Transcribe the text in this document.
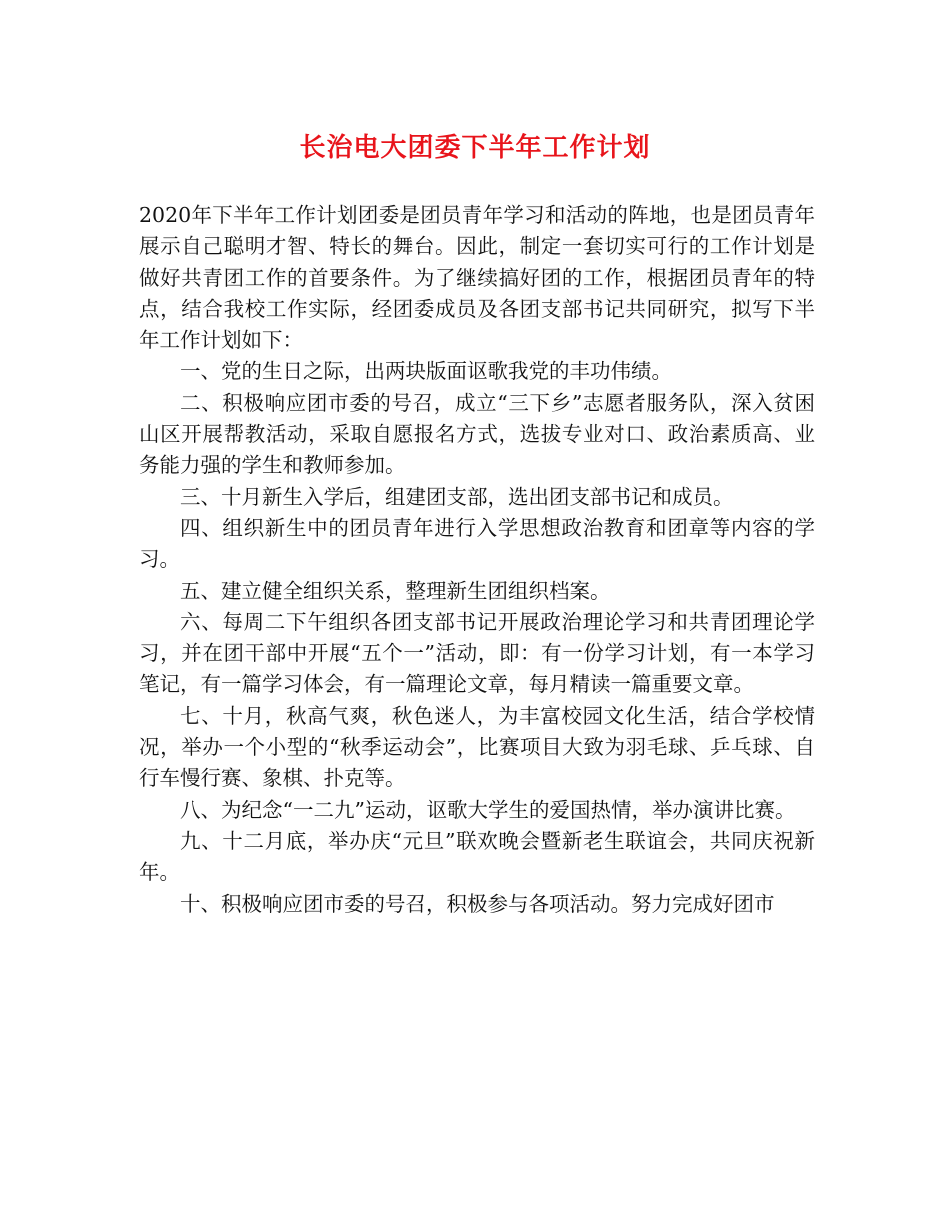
长治电大团委下半年工作计划

2020年下半年工作计划团委是团员青年学习和活动的阵地，也是团员青年展示自己聪明才智、特长的舞台。因此，制定一套切实可行的工作计划是做好共青团工作的首要条件。为了继续搞好团的工作，根据团员青年的特点，结合我校工作实际，经团委成员及各团支部书记共同研究，拟写下半年工作计划如下：

一、党的生日之际，出两块版面讴歌我党的丰功伟绩。

二、积极响应团市委的号召，成立“三下乡”志愿者服务队，深入贫困山区开展帮教活动，采取自愿报名方式，选拔专业对口、政治素质高、业务能力强的学生和教师参加。

三、十月新生入学后，组建团支部，选出团支部书记和成员。

四、组织新生中的团员青年进行入学思想政治教育和团章等内容的学习。

五、建立健全组织关系，整理新生团组织档案。

六、每周二下午组织各团支部书记开展政治理论学习和共青团理论学习，并在团干部中开展“五个一”活动，即：有一份学习计划，有一本学习笔记，有一篇学习体会，有一篇理论文章，每月精读一篇重要文章。

七、十月，秋高气爽，秋色迷人，为丰富校园文化生活，结合学校情况，举办一个小型的“秋季运动会”，比赛项目大致为羽毛球、乒乓球、自行车慢行赛、象棋、扑克等。

八、为纪念“一二九”运动，讴歌大学生的爱国热情，举办演讲比赛。

九、十二月底，举办庆“元旦”联欢晚会暨新老生联谊会，共同庆祝新年。

十、积极响应团市委的号召，积极参与各项活动。努力完成好团市
